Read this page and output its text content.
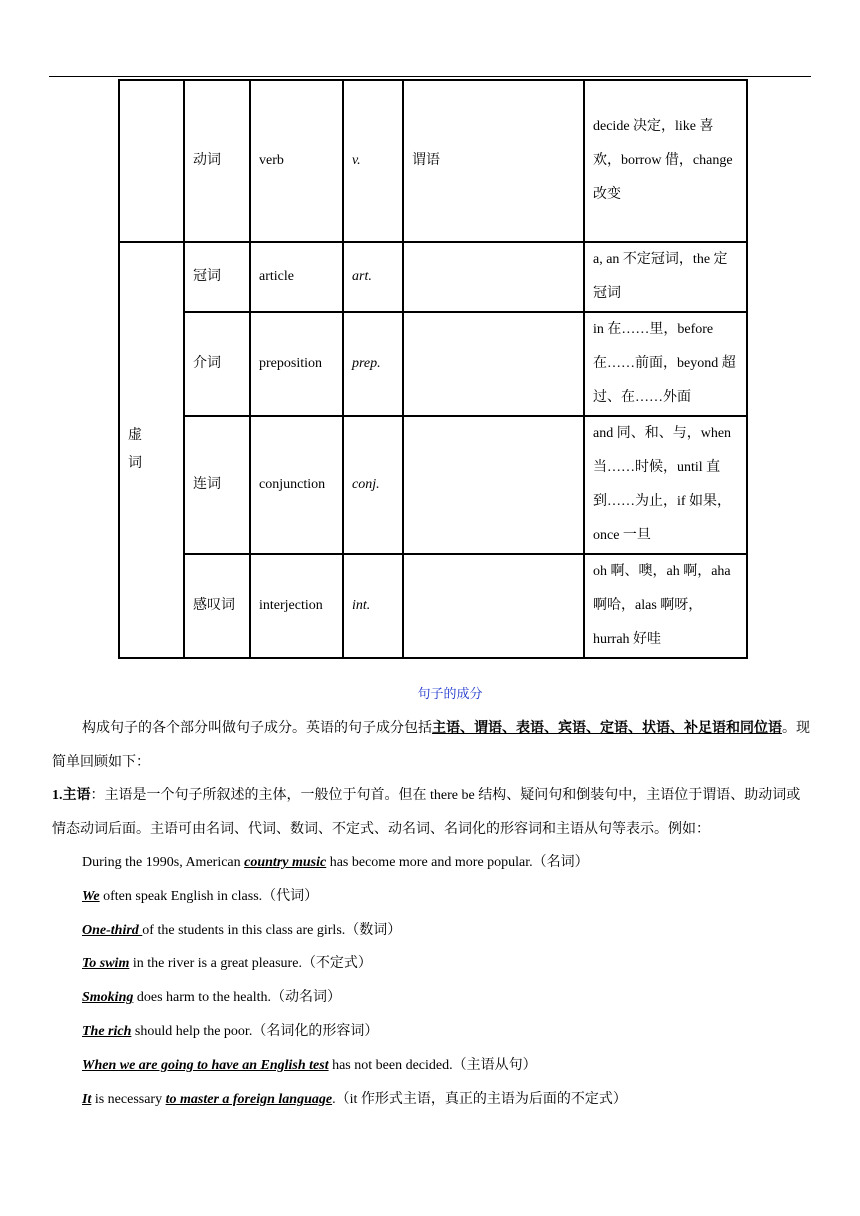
	动词	verb	v.	谓语	decide 决定，like 喜欢，borrow 借，change 改变

虚词	冠词	article	art.		a, an 不定冠词，the 定冠词
	介词	preposition	prep.		in 在……里，before 在……前面，beyond 超过、在……外面
	连词	conjunction	conj.		and 同、和、与，when 当……时候，until 直到……为止，if 如果，once 一旦
	感叹词	interjection	int.		oh 啊、噢，ah 啊，aha 啊哈，alas 啊呀，hurrah 好哇
句子的成分
构成句子的各个部分叫做句子成分。英语的句子成分包括主语、谓语、表语、宾语、定语、状语、补足语和同位语。现简单回顾如下：
1.主语：主语是一个句子所叙述的主体，一般位于句首。但在 there be 结构、疑问句和倒装句中，主语位于谓语、助动词或情态动词后面。主语可由名词、代词、数词、不定式、动名词、名词化的形容词和主语从句等表示。例如：
During the 1990s, American country music has become more and more popular.（名词）
We often speak English in class.（代词）
One-third of the students in this class are girls.（数词）
To swim in the river is a great pleasure.（不定式）
Smoking does harm to the health.（动名词）
The rich should help the poor.（名词化的形容词）
When we are going to have an English test has not been decided.（主语从句）
It is necessary to master a foreign language.（it 作形式主语，真正的主语为后面的不定式）
